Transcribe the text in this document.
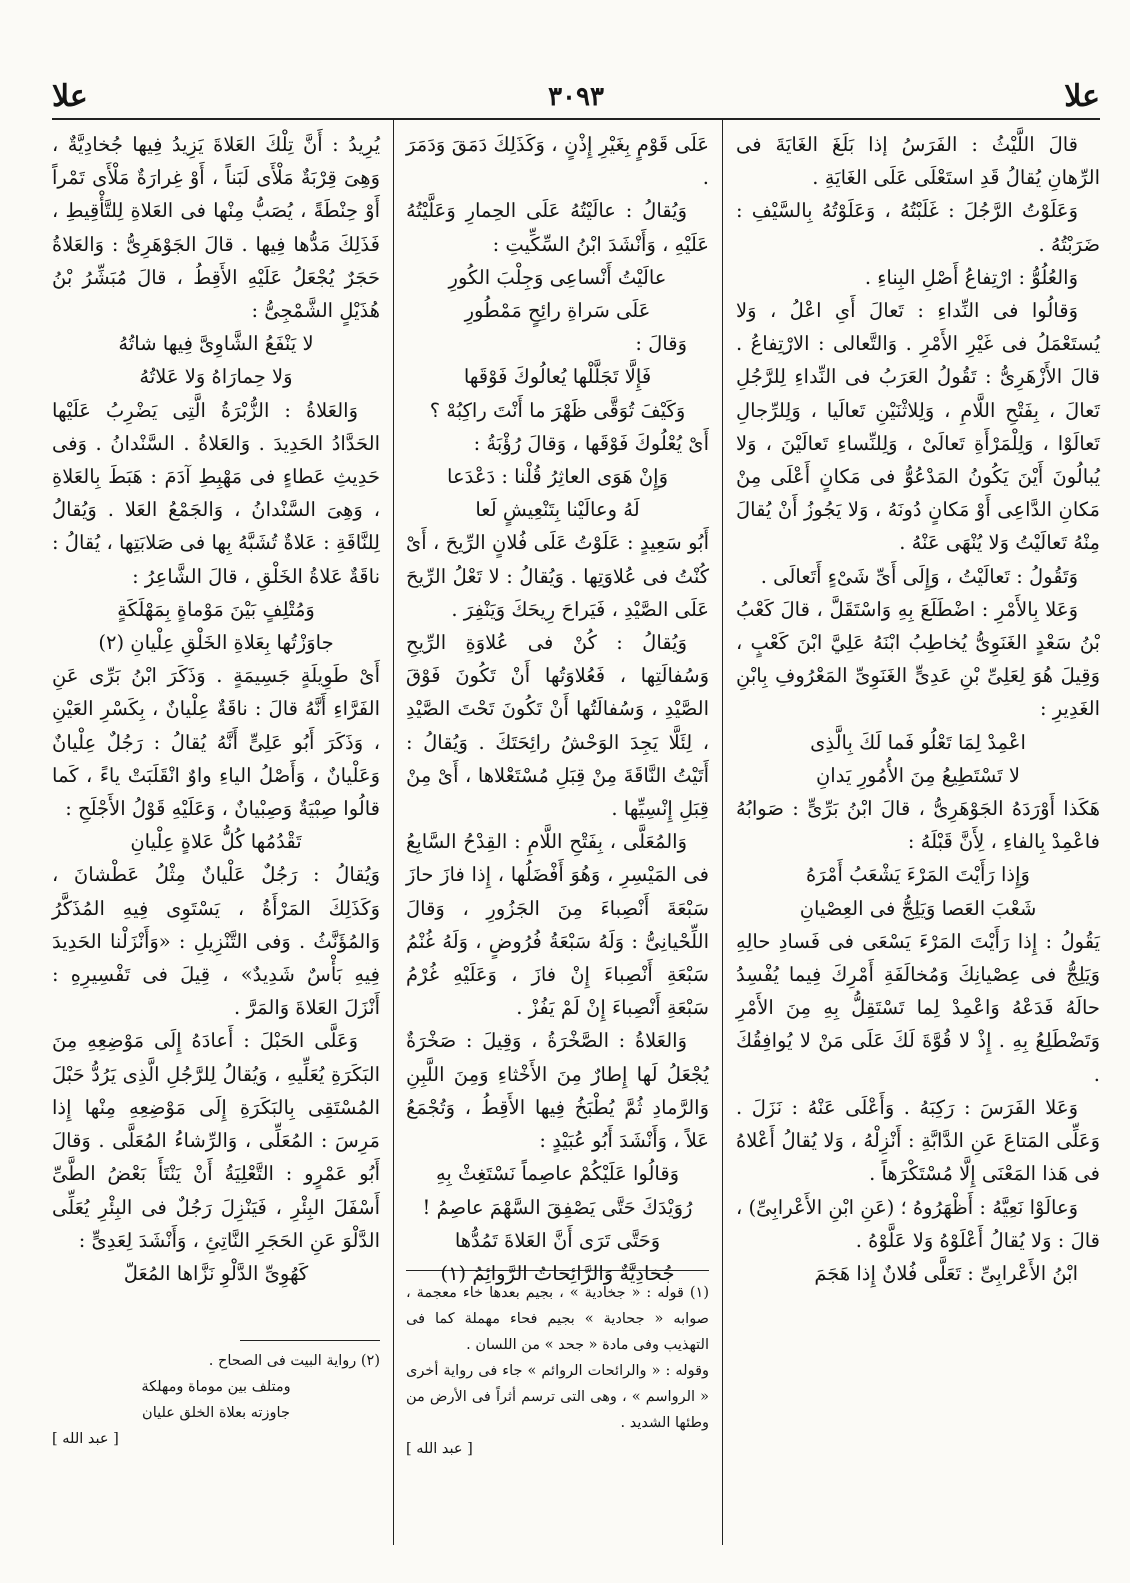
علا
٣٠٩٣
علا

قالَ اللَّيْثُ : الفَرَسُ إذا بَلَغَ الغَايَةَ فى الرِّهانِ يُقالُ قَدِ استَعْلَى عَلَى الغَايَةِ .

وَعَلَوْتُ الرَّجُلَ : غَلَبْتُهُ ، وَعَلَوْتُهُ بِالسَّيْفِ : ضَرَبْتُهُ .

وَالعُلُوُّ : ارْتِفاعُ أَصْلِ البِناءِ .

وَقالُوا فى النِّداءِ : تَعالَ أَىِ اعْلُ ، وَلا يُستَعْمَلُ فى غَيْرِ الأَمْرِ . وَالتَّعالى : الارْتِفاعُ . قالَ الأَزْهَرِىُّ : تَقُولُ العَرَبُ فى النِّداءِ لِلرَّجُلِ تَعالَ ، بِفَتْحِ اللَّامِ ، وَلِلاثْنَيْنِ تَعالَيا ، وَلِلرِّجالِ تَعالَوْا ، وَلِلْمَرْأَةِ تَعالَىْ ، وَلِلنِّساءِ تَعالَيْنَ ، وَلا يُبالُونَ أَيْنَ يَكُونُ المَدْعُوُّ فى مَكانٍ أَعْلَى مِنْ مَكانِ الدَّاعِى أَوْ مَكانٍ دُونَهُ ، وَلا يَجُوزُ أَنْ يُقالَ مِنْهُ تَعالَيْتُ وَلا يُنْهَى عَنْهُ .

وَتَقُولُ : تَعالَيْتُ ، وَإِلَى أَىِّ شَىْءٍ أَتَعالَى .

وَعَلا بِالأَمْرِ : اضْطَلَعَ بِهِ وَاسْتَقَلَّ ، قالَ كَعْبُ بْنُ سَعْدٍ الغَنَوِىُّ يُخاطِبُ ابْنَهُ عَلِيَّ ابْنَ كَعْبٍ ، وَقِيلَ هُوَ لِعَلِىِّ بْنِ عَدِىٍّ الغَنَوِىِّ المَعْرُوفِ بِابْنِ الغَدِيرِ :

اعْمِدْ لِمَا تَعْلُو فَما لَكَ بِالَّذِى

لا تَسْتَطِيعُ مِنَ الأُمُورِ يَدانِ

هَكَذا أَوْرَدَهُ الجَوْهَرِىُّ ، قالَ ابْنُ بَرِّىٍّ : صَوابُهُ فاعْمِدْ بِالفاءِ ، لِأَنَّ قَبْلَهُ :

وَإِذا رَأَيْتَ المَرْءَ يَشْعَبُ أَمْرَهُ

شَعْبَ العَصا وَيَلِجُّ فى العِصْيانِ

يَقُولُ : إِذا رَأَيْتَ المَرْءَ يَسْعَى فى فَسادِ حالِهِ وَيَلِجُّ فى عِصْيانِكَ وَمُخالَفَةِ أَمْرِكَ فِيما يُفْسِدُ حالَهُ فَدَعْهُ وَاعْمِدْ لِما تَسْتَقِلُّ بِهِ مِنَ الأَمْرِ وَتَضْطَلِعُ بِهِ . إِذْ لا قُوَّةَ لَكَ عَلَى مَنْ لا يُوافِقُكَ .

وَعَلا الفَرَسَ : رَكِبَهُ . وَأَعْلَى عَنْهُ : نَزَلَ . وَعَلِّى المَتاعَ عَنِ الدَّابَّةِ : أَنْزِلْهُ ، وَلا يُقالُ أَعْلاهُ فى هَذا المَعْنَى إِلَّا مُسْتَكْرَهاً .

وَعالَوْا نَعِيَّهُ : أَظْهَرُوهُ ؛ (عَنِ ابْنِ الأَعْرابِىِّ) ، قالَ : وَلا يُقالُ أَعْلَوْهُ وَلا عَلَّوْهُ .

ابْنُ الأَعْرابِىِّ : تَعَلَّى فُلانٌ إِذا هَجَمَ

عَلَى قَوْمٍ بِغَيْرِ إِذْنٍ ، وَكَذَلِكَ دَمَقَ وَدَمَرَ .

وَيُقالُ : عالَيْتُهُ عَلَى الحِمارِ وَعَلَّيْتُهُ عَلَيْهِ ، وَأَنْشَدَ ابْنُ السِّكِّيتِ :

عالَيْتُ أَنْساعِى وَجِلْبَ الكُورِ

عَلَى سَراةِ رائِحٍ مَمْطُورِ

وَقالَ :

فَإِلَّا تَجَلَّلْها يُعالُوكَ فَوْقَها

وَكَيْفَ تُوَقَّى ظَهْرَ ما أَنْتَ راكِبُهْ ؟

أَىْ يُعْلُوكَ فَوْقَها ، وَقالَ رُؤْبَةُ :

وَإِنْ هَوَى العاثِرُ قُلْنا : دَعْدَعا

لَهُ وعالَيْنا بِتَنْعِيشٍ لَعا

أَبُو سَعِيدٍ : عَلَوْتُ عَلَى فُلانٍ الرِّيحَ ، أَىْ كُنْتُ فى عُلاوَتِها . وَيُقالُ : لا تَعْلُ الرِّيحَ عَلَى الصَّيْدِ ، فَيَراحَ رِيحَكَ وَيَنْفِرَ .

وَيُقالُ : كُنْ فى عُلاوَةِ الرِّيحِ وَسُفالَتِها ، فَعُلاوَتُها أَنْ تَكُونَ فَوْقَ الصَّيْدِ ، وَسُفالَتُها أَنْ تَكُونَ تَحْتَ الصَّيْدِ ، لِئَلَّا يَجِدَ الوَحْشُ رائِحَتَكَ . وَيُقالُ : أَتَيْتُ النَّاقَةَ مِنْ قِبَلِ مُسْتَعْلاها ، أَىْ مِنْ قِبَلِ إِنْسِيِّها .

وَالمُعَلَّى ، بِفَتْحِ اللَّامِ : القِدْحُ السَّابِعُ فى المَيْسِرِ ، وَهُوَ أَفْضَلُها ، إِذا فازَ حازَ سَبْعَةَ أَنْصِباءَ مِنَ الجَزُورِ ، وَقالَ اللِّحْيانِىُّ : وَلَهُ سَبْعَةُ فُرُوضٍ ، وَلَهُ غُنْمُ سَبْعَةِ أَنْصِباءَ إِنْ فازَ ، وَعَلَيْهِ غُرْمُ سَبْعَةِ أَنْصِباءَ إِنْ لَمْ يَفُزْ .

وَالعَلاةُ : الصَّخْرَةُ ، وَقِيلَ : صَخْرَةٌ يُجْعَلُ لَها إِطارٌ مِنَ الأَخْثاءِ وَمِنَ اللَّبِنِ وَالرَّمادِ ثُمَّ يُطْبَخُ فِيها الأَقِطُ ، وَتُجْمَعُ عَلاً ، وَأَنْشَدَ أَبُو عُبَيْدٍ :

وَقالُوا عَلَيْكُمْ عاصِماً نَسْتَغِثْ بِهِ

رُوَيْدَكَ حَتَّى يَصْفِقَ السَّهْمَ عاصِمُ !

وَحَتَّى تَرَى أَنَّ العَلاةَ تَمُدُّها

جُخادِيَّةٌ وَالرَّائِحاتُ الرَّوائِمُ (١)

يُرِيدُ : أَنَّ تِلْكَ العَلاةَ يَزِيدُ فِيها جُخادِيَّةٌ ، وَهِىَ قِرْبَةٌ مَلْأَى لَبَناً ، أَوْ غِرارَةٌ مَلْأَى تَمْراً أَوْ حِنْطَةً ، يُصَبُّ مِنْها فى العَلاةِ لِلتَّأْقِيطِ ، فَذَلِكَ مَدُّها فِيها . قالَ الجَوْهَرِىُّ : وَالعَلاةُ حَجَرٌ يُجْعَلُ عَلَيْهِ الأَقِطُ ، قالَ مُبَشِّرُ بْنُ هُذَيْلٍ الشَّمْجِىُّ :

لا يَنْفَعُ الشَّاوِىَّ فِيها شاتُهُ

وَلا حِمارَاهُ وَلا عَلاتُهُ

وَالعَلاةُ : الزُّبْرَةُ الَّتِى يَضْرِبُ عَلَيْها الحَدَّادُ الحَدِيدَ . وَالعَلاةُ . السَّنْدانُ . وَفى حَدِيثِ عَطاءٍ فى مَهْبِطِ آدَمَ : هَبَطَ بِالعَلاةِ ، وَهِىَ السَّنْدانُ ، وَالجَمْعُ العَلا . وَيُقالُ لِلنَّاقَةِ : عَلاةٌ تُشَبَّهُ بِها فى صَلابَتِها ، يُقالُ : ناقَةٌ عَلاةُ الخَلْقِ ، قالَ الشَّاعِرُ :

وَمُتْلِفٍ بَيْنَ مَوْماةٍ بِمَهْلَكَةٍ

جاوَزْتُها بِعَلاةِ الخَلْقِ عِلْيانِ (٢)

أَىْ طَوِيلَةٍ جَسِيمَةٍ . وَذَكَرَ ابْنُ بَرِّى عَنِ الفَرَّاءِ أَنَّهُ قالَ : ناقَةٌ عِلْيانٌ ، بِكَسْرِ العَيْنِ ، وَذَكَرَ أَبُو عَلِىٍّ أَنَّهُ يُقالُ : رَجُلٌ عِلْيانٌ وَعَلْيانٌ ، وَأَصْلُ الياءِ واوٌ انْقَلَبَتْ ياءً ، كَما قالُوا صِبْيَةٌ وَصِبْيانٌ ، وَعَلَيْهِ قَوْلُ الأَجْلَحِ :

تَقْدُمُها كُلُّ عَلاةٍ عِلْيانِ

وَيُقالُ : رَجُلٌ عَلْيانٌ مِثْلُ عَطْشانَ ، وَكَذَلِكَ المَرْأَةُ ، يَسْتَوِى فِيهِ المُذَكَّرُ وَالمُؤَنَّثُ . وَفى التَّنْزِيلِ : «وَأَنْزَلْنا الحَدِيدَ فِيهِ بَأْسٌ شَدِيدٌ» ، قِيلَ فى تَفْسِيرِهِ : أَنْزَلَ العَلاةَ وَالمَرَّ .

وَعَلَّى الحَبْلَ : أَعادَهُ إِلَى مَوْضِعِهِ مِنَ البَكَرَةِ يُعَلِّيهِ ، وَيُقالُ لِلرَّجُلِ الَّذِى يَرُدُّ حَبْلَ المُسْتَقِى بِالبَكَرَةِ إِلَى مَوْضِعِهِ مِنْها إِذا مَرِسَ : المُعَلِّى ، وَالرِّشاءُ المُعَلَّى . وَقالَ أَبُو عَمْرٍو : التَّعْلِيَةُ أَنْ يَنْتَأَ بَعْضُ الطَّىِّ أَسْفَلَ البِئْرِ ، فَيَنْزِلَ رَجُلٌ فى البِئْرِ يُعَلِّى الدَّلْوَ عَنِ الحَجَرِ النَّاتِئِ ، وَأَنْشَدَ لِعَدِىٍّ :

كَهُوِىِّ الدَّلْوِ نَزَّاها المُعَلّ

(١) قوله : « جخادية » ، بجيم بعدها خاء معجمة ، صوابه « جحادية » بجيم فحاء مهملة كما فى التهذيب وفى مادة « جحد » من اللسان .

وقوله : « والرائحات الروائم » جاء فى رواية أخرى « الرواسم » ، وهى التى ترسم أثراً فى الأرض من وطئها الشديد .

[ عبد الله ]

(٢) رواية البيت فى الصحاح .

ومتلف بين موماة ومهلكة

جاوزته بعلاة الخلق عليان

[ عبد الله ]
